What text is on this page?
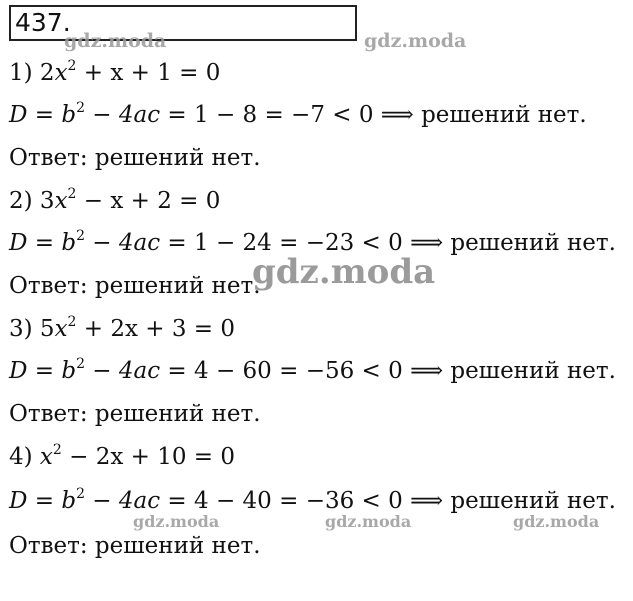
437.
1) $2x^2 + x + 1 = 0$
$D = b^2 - 4ac = 1 - 8 = -7 < 0$ ⟹ решений нет.
Ответ: решений нет.
2) $3x^2 - x + 2 = 0$
$D = b^2 - 4ac = 1 - 24 = -23 < 0$ ⟹ решений нет.
Ответ: решений нет.
3) $5x^2 + 2x + 3 = 0$
$D = b^2 - 4ac = 4 - 60 = -56 < 0$ ⟹ решений нет.
Ответ: решений нет.
4) $x^2 - 2x + 10 = 0$
$D = b^2 - 4ac = 4 - 40 = -36 < 0$ ⟹ решений нет.
Ответ: решений нет.
gdz.moda	gdz.moda
gdz.moda
gdz.moda	gdz.moda	gdz.moda
